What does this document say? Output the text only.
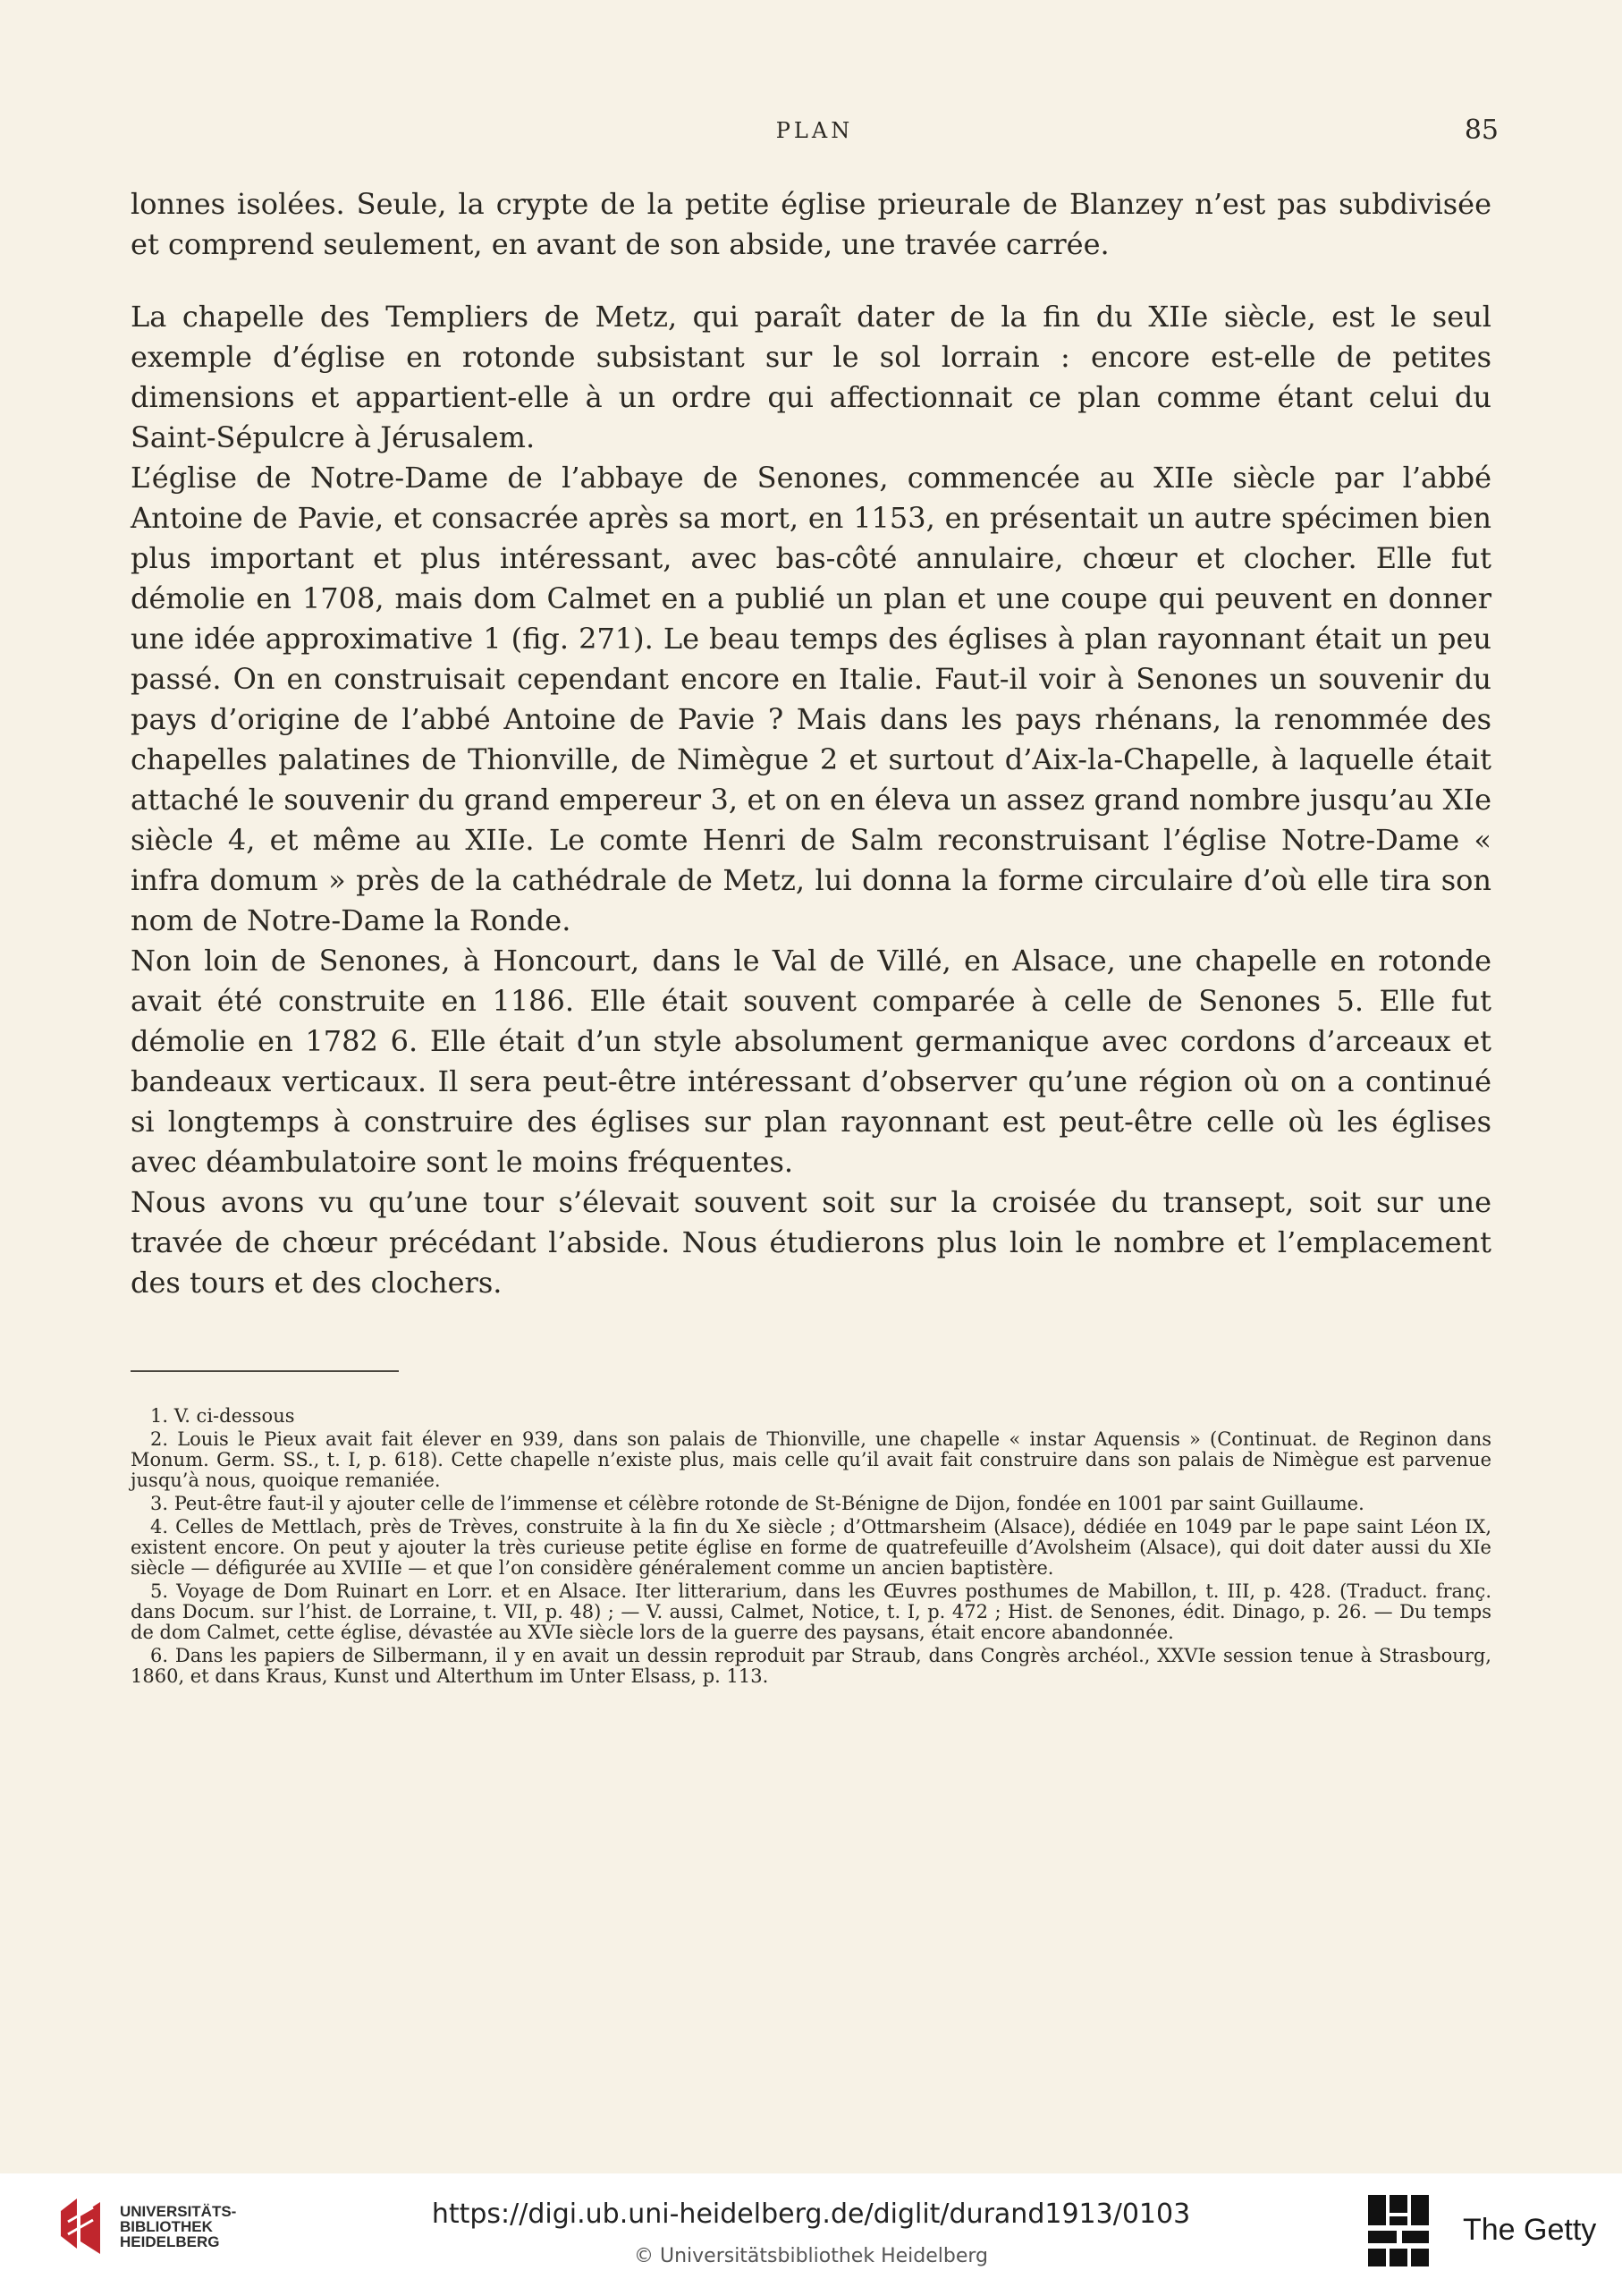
PLAN	85

lonnes isolées. Seule, la crypte de la petite église prieurale de Blanzey n’est pas subdivisée et comprend seulement, en avant de son abside, une travée carrée.

La chapelle des Templiers de Metz, qui paraît dater de la fin du XIIe siècle, est le seul exemple d’église en rotonde subsistant sur le sol lorrain : encore est-elle de petites dimensions et appartient-elle à un ordre qui affectionnait ce plan comme étant celui du Saint-Sépulcre à Jérusalem.

L’église de Notre-Dame de l’abbaye de Senones, commencée au XIIe siècle par l’abbé Antoine de Pavie, et consacrée après sa mort, en 1153, en présentait un autre spécimen bien plus important et plus intéressant, avec bas-côté annulaire, chœur et clocher. Elle fut démolie en 1708, mais dom Calmet en a publié un plan et une coupe qui peuvent en donner une idée approximative 1 (fig. 271). Le beau temps des églises à plan rayonnant était un peu passé. On en construisait cependant encore en Italie. Faut-il voir à Senones un souvenir du pays d’origine de l’abbé Antoine de Pavie ? Mais dans les pays rhénans, la renommée des chapelles palatines de Thionville, de Nimègue 2 et surtout d’Aix-la-Chapelle, à laquelle était attaché le souvenir du grand empereur 3, et on en éleva un assez grand nombre jusqu’au XIe siècle 4, et même au XIIe. Le comte Henri de Salm reconstruisant l’église Notre-Dame « infra domum » près de la cathédrale de Metz, lui donna la forme circulaire d’où elle tira son nom de Notre-Dame la Ronde.

Non loin de Senones, à Honcourt, dans le Val de Villé, en Alsace, une chapelle en rotonde avait été construite en 1186. Elle était souvent comparée à celle de Senones 5. Elle fut démolie en 1782 6. Elle était d’un style absolument germanique avec cordons d’arceaux et bandeaux verticaux. Il sera peut-être intéressant d’observer qu’une région où on a continué si longtemps à construire des églises sur plan rayonnant est peut-être celle où les églises avec déambulatoire sont le moins fréquentes.

Nous avons vu qu’une tour s’élevait souvent soit sur la croisée du transept, soit sur une travée de chœur précédant l’abside. Nous étudierons plus loin le nombre et l’emplacement des tours et des clochers.

1. V. ci-dessous

2. Louis le Pieux avait fait élever en 939, dans son palais de Thionville, une chapelle « instar Aquensis » (Continuat. de Reginon dans Monum. Germ. SS., t. I, p. 618). Cette chapelle n’existe plus, mais celle qu’il avait fait construire dans son palais de Nimègue est parvenue jusqu’à nous, quoique remaniée.

3. Peut-être faut-il y ajouter celle de l’immense et célèbre rotonde de St-Bénigne de Dijon, fondée en 1001 par saint Guillaume.

4. Celles de Mettlach, près de Trèves, construite à la fin du Xe siècle ; d’Ottmarsheim (Alsace), dédiée en 1049 par le pape saint Léon IX, existent encore. On peut y ajouter la très curieuse petite église en forme de quatrefeuille d’Avolsheim (Alsace), qui doit dater aussi du XIe siècle — défigurée au XVIIIe — et que l’on considère généralement comme un ancien baptistère.

5. Voyage de Dom Ruinart en Lorr. et en Alsace. Iter litterarium, dans les Œuvres posthumes de Mabillon, t. III, p. 428. (Traduct. franç. dans Docum. sur l’hist. de Lorraine, t. VII, p. 48) ; — V. aussi, Calmet, Notice, t. I, p. 472 ; Hist. de Senones, édit. Dinago, p. 26. — Du temps de dom Calmet, cette église, dévastée au XVIe siècle lors de la guerre des paysans, était encore abandonnée.

6. Dans les papiers de Silbermann, il y en avait un dessin reproduit par Straub, dans Congrès archéol., XXVIe session tenue à Strasbourg, 1860, et dans Kraus, Kunst und Alterthum im Unter Elsass, p. 113.

UNIVERSITÄTS-
BIBLIOTHEK
HEIDELBERG
https://digi.ub.uni-heidelberg.de/diglit/durand1913/0103
© Universitätsbibliothek Heidelberg
The Getty
